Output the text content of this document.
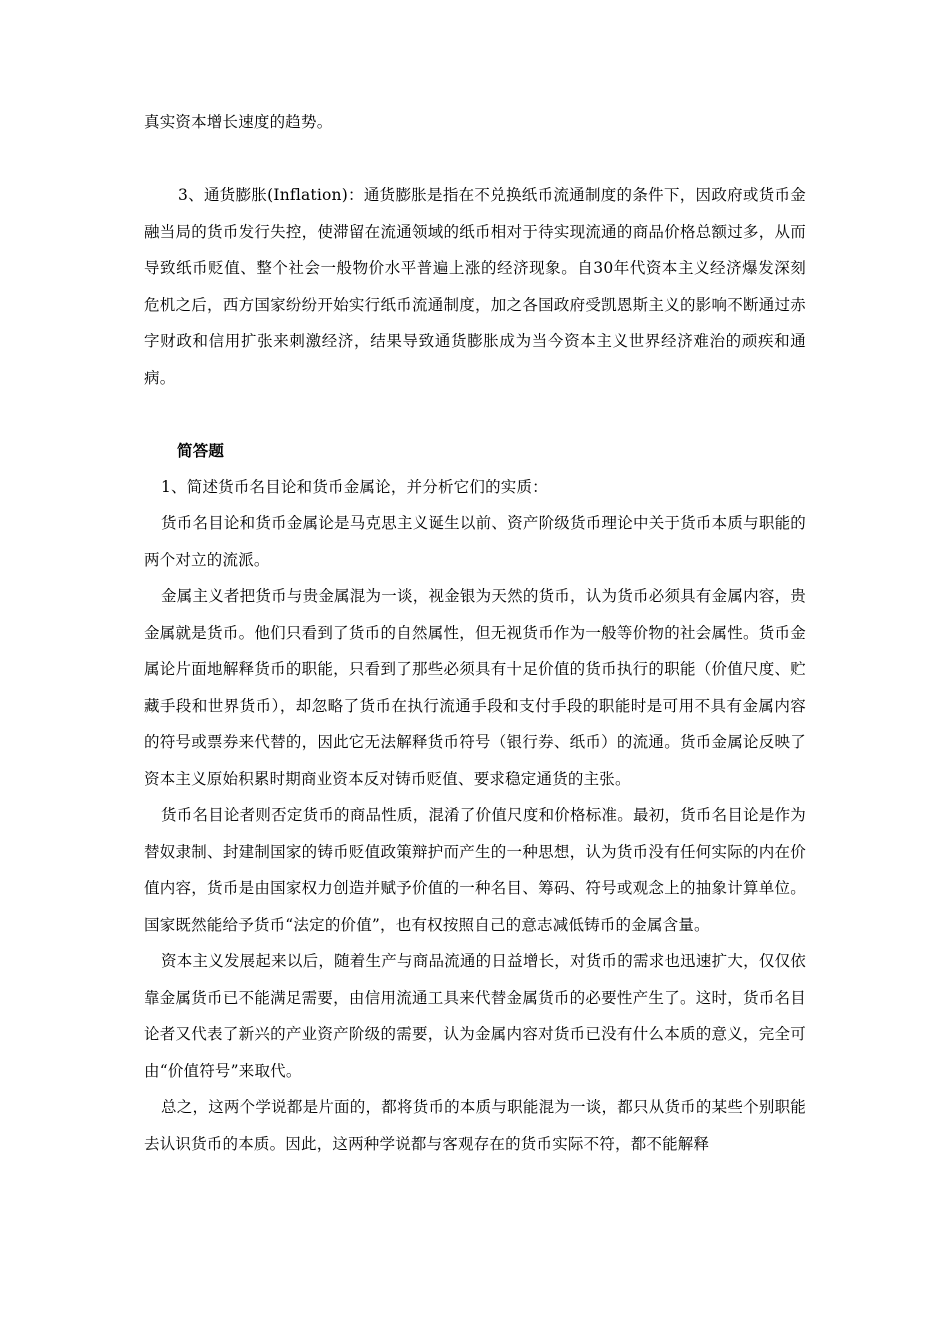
真实资本增长速度的趋势。
3、通货膨胀(Inflation)：通货膨胀是指在不兑换纸币流通制度的条件下，因政府或货币金融当局的货币发行失控，使滞留在流通领域的纸币相对于待实现流通的商品价格总额过多，从而导致纸币贬值、整个社会一般物价水平普遍上涨的经济现象。自30年代资本主义经济爆发深刻危机之后，西方国家纷纷开始实行纸币流通制度，加之各国政府受凯恩斯主义的影响不断通过赤字财政和信用扩张来刺激经济，结果导致通货膨胀成为当今资本主义世界经济难治的顽疾和通病。
简答题
1、简述货币名目论和货币金属论，并分析它们的实质：

货币名目论和货币金属论是马克思主义诞生以前、资产阶级货币理论中关于货币本质与职能的两个对立的流派。

金属主义者把货币与贵金属混为一谈，视金银为天然的货币，认为货币必须具有金属内容，贵金属就是货币。他们只看到了货币的自然属性，但无视货币作为一般等价物的社会属性。货币金属论片面地解释货币的职能，只看到了那些必须具有十足价值的货币执行的职能（价值尺度、贮藏手段和世界货币），却忽略了货币在执行流通手段和支付手段的职能时是可用不具有金属内容的符号或票券来代替的，因此它无法解释货币符号（银行券、纸币）的流通。货币金属论反映了资本主义原始积累时期商业资本反对铸币贬值、要求稳定通货的主张。

货币名目论者则否定货币的商品性质，混淆了价值尺度和价格标准。最初，货币名目论是作为替奴隶制、封建制国家的铸币贬值政策辩护而产生的一种思想，认为货币没有任何实际的内在价值内容，货币是由国家权力创造并赋予价值的一种名目、筹码、符号或观念上的抽象计算单位。国家既然能给予货币“法定的价值”，也有权按照自己的意志减低铸币的金属含量。

资本主义发展起来以后，随着生产与商品流通的日益增长，对货币的需求也迅速扩大，仅仅依靠金属货币已不能满足需要，由信用流通工具来代替金属货币的必要性产生了。这时，货币名目论者又代表了新兴的产业资产阶级的需要，认为金属内容对货币已没有什么本质的意义，完全可由“价值符号”来取代。

总之，这两个学说都是片面的，都将货币的本质与职能混为一谈，都只从货币的某些个别职能去认识货币的本质。因此，这两种学说都与客观存在的货币实际不符，都不能解释
